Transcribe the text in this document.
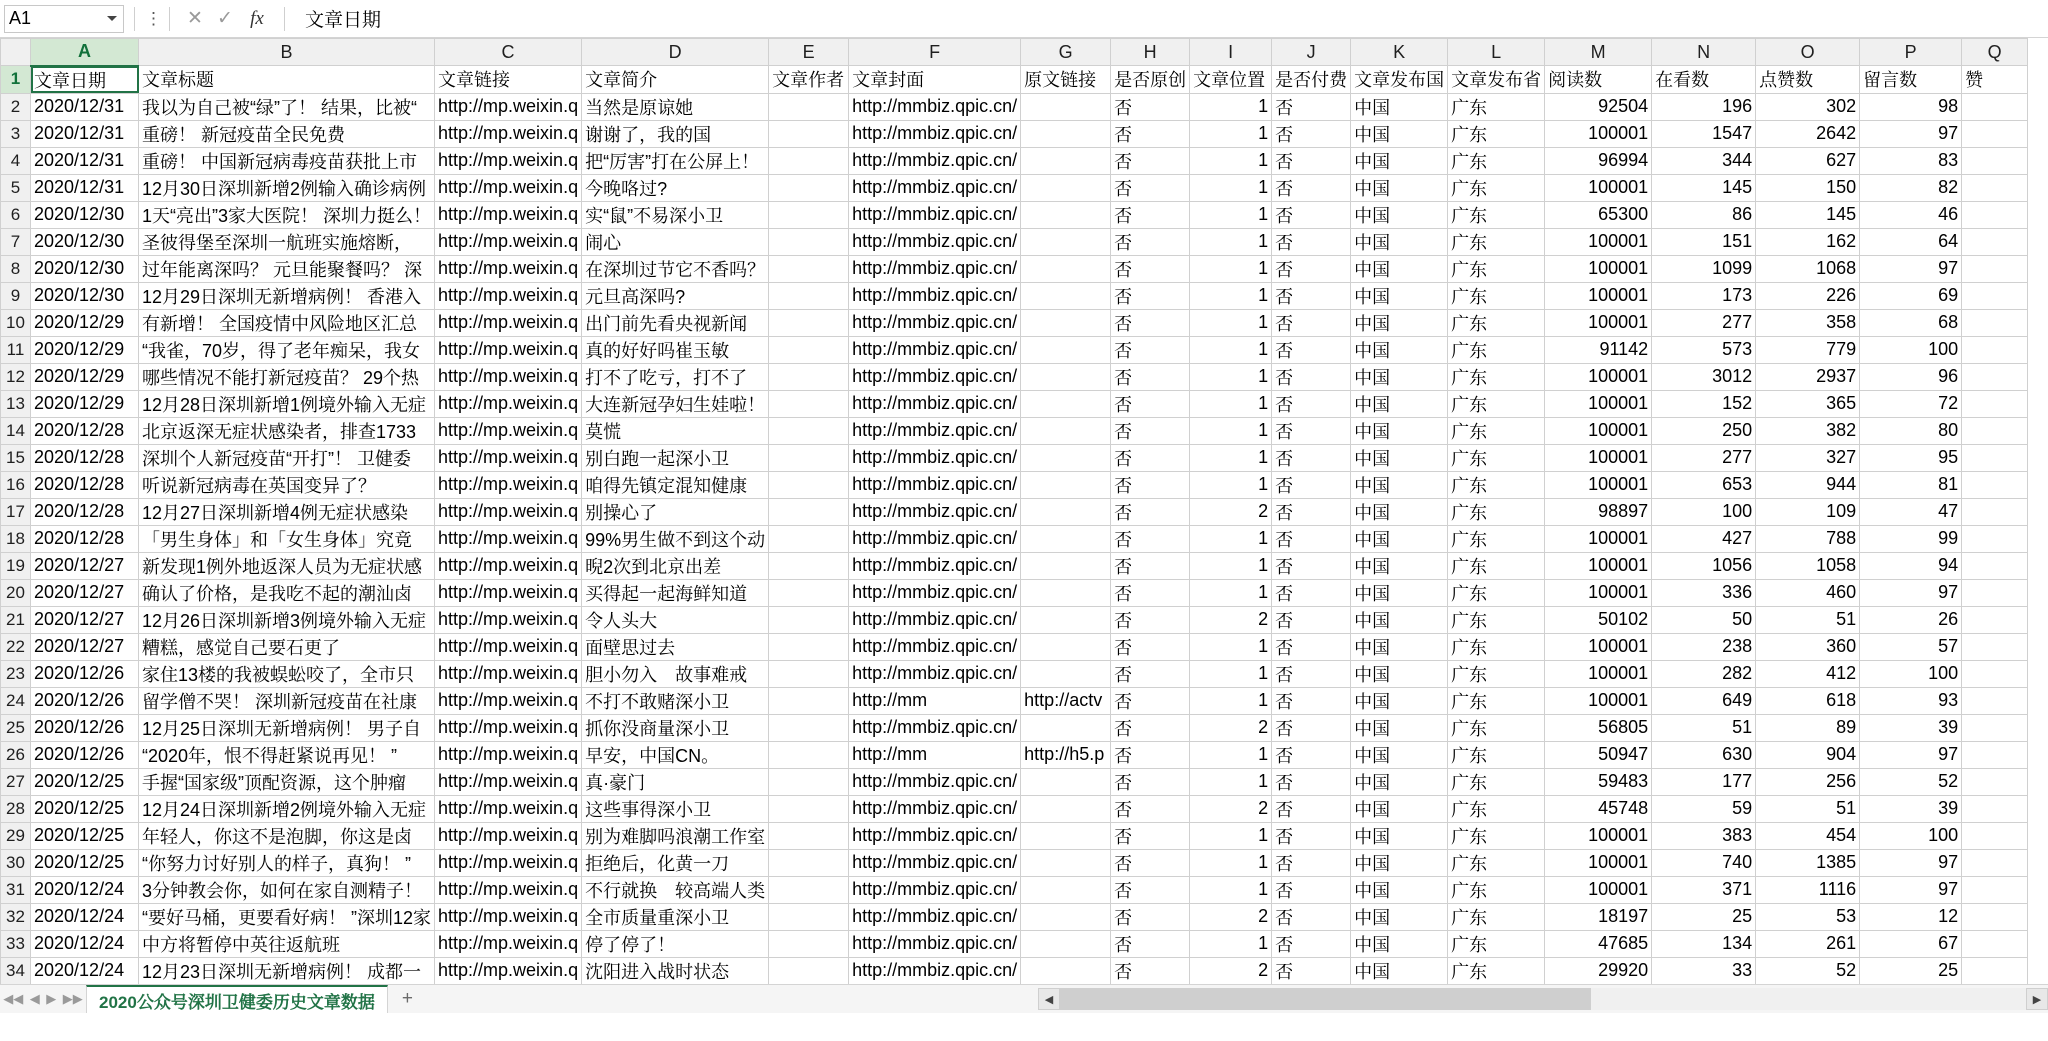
A1	⋮	✕ ✓ fx	文章日期
	A	B	C	D	E	F	G	H	I	J	K	L	M	N	O	P	Q
1	文章日期	文章标题	文章链接	文章简介	文章作者	文章封面	原文链接	是否原创	文章位置	是否付费	文章发布国	文章发布省	阅读数	在看数	点赞数	留言数	赞
2	2020/12/31	我以为自己被“绿”了！ 结果，比被“	http://mp.weixin.q	当然是原谅她		http://mmbiz.qpic.cn/		否	1	否	中国	广东	92504	196	302	98	
3	2020/12/31	重磅！ 新冠疫苗全民免费	http://mp.weixin.q	谢谢了，我的国		http://mmbiz.qpic.cn/		否	1	否	中国	广东	100001	1547	2642	97	
4	2020/12/31	重磅！ 中国新冠病毒疫苗获批上市	http://mp.weixin.q	把“厉害”打在公屏上！		http://mmbiz.qpic.cn/		否	1	否	中国	广东	96994	344	627	83	
5	2020/12/31	12月30日深圳新增2例输入确诊病例	http://mp.weixin.q	今晚咯过?		http://mmbiz.qpic.cn/		否	1	否	中国	广东	100001	145	150	82	
6	2020/12/30	1天“亮出”3家大医院！ 深圳力挺么！	http://mp.weixin.q	实“鼠”不易深小卫		http://mmbiz.qpic.cn/		否	1	否	中国	广东	65300	86	145	46	
7	2020/12/30	圣彼得堡至深圳一航班实施熔断，	http://mp.weixin.q	闹心		http://mmbiz.qpic.cn/		否	1	否	中国	广东	100001	151	162	64	
8	2020/12/30	过年能离深吗？ 元旦能聚餐吗？ 深	http://mp.weixin.q	在深圳过节它不香吗？		http://mmbiz.qpic.cn/		否	1	否	中国	广东	100001	1099	1068	97	
9	2020/12/30	12月29日深圳无新增病例！ 香港入	http://mp.weixin.q	元旦高深吗?		http://mmbiz.qpic.cn/		否	1	否	中国	广东	100001	173	226	69	
10	2020/12/29	有新增！ 全国疫情中风险地区汇总	http://mp.weixin.q	出门前先看央视新闻		http://mmbiz.qpic.cn/		否	1	否	中国	广东	100001	277	358	68	
11	2020/12/29	“我雀，70岁，得了老年痴呆，我女	http://mp.weixin.q	真的好好吗崔玉敏		http://mmbiz.qpic.cn/		否	1	否	中国	广东	91142	573	779	100	
12	2020/12/29	哪些情况不能打新冠疫苗？ 29个热	http://mp.weixin.q	打不了吃亏，打不了		http://mmbiz.qpic.cn/		否	1	否	中国	广东	100001	3012	2937	96	
13	2020/12/29	12月28日深圳新增1例境外输入无症	http://mp.weixin.q	大连新冠孕妇生娃啦！		http://mmbiz.qpic.cn/		否	1	否	中国	广东	100001	152	365	72	
14	2020/12/28	北京返深无症状感染者，排查1733	http://mp.weixin.q	莫慌		http://mmbiz.qpic.cn/		否	1	否	中国	广东	100001	250	382	80	
15	2020/12/28	深圳个人新冠疫苗“开打”！ 卫健委	http://mp.weixin.q	别白跑一起深小卫		http://mmbiz.qpic.cn/		否	1	否	中国	广东	100001	277	327	95	
16	2020/12/28	听说新冠病毒在英国变异了？	http://mp.weixin.q	咱得先镇定混知健康		http://mmbiz.qpic.cn/		否	1	否	中国	广东	100001	653	944	81	
17	2020/12/28	12月27日深圳新增4例无症状感染	http://mp.weixin.q	别操心了		http://mmbiz.qpic.cn/		否	2	否	中国	广东	98897	100	109	47	
18	2020/12/28	「男生身体」和「女生身体」究竟	http://mp.weixin.q	99%男生做不到这个动		http://mmbiz.qpic.cn/		否	1	否	中国	广东	100001	427	788	99	
19	2020/12/27	新发现1例外地返深人员为无症状感	http://mp.weixin.q	晲2次到北京出差		http://mmbiz.qpic.cn/		否	1	否	中国	广东	100001	1056	1058	94	
20	2020/12/27	确认了价格，是我吃不起的潮汕卤	http://mp.weixin.q	买得起一起海鲜知道		http://mmbiz.qpic.cn/		否	1	否	中国	广东	100001	336	460	97	
21	2020/12/27	12月26日深圳新增3例境外输入无症	http://mp.weixin.q	令人头大		http://mmbiz.qpic.cn/		否	2	否	中国	广东	50102	50	51	26	
22	2020/12/27	糟糕，感觉自己要石更了	http://mp.weixin.q	面壁思过去		http://mmbiz.qpic.cn/		否	1	否	中国	广东	100001	238	360	57	
23	2020/12/26	家住13楼的我被蜈蚣咬了，全市只	http://mp.weixin.q	胆小勿入　故事难戒		http://mmbiz.qpic.cn/		否	1	否	中国	广东	100001	282	412	100	
24	2020/12/26	留学僧不哭！ 深圳新冠疫苗在社康	http://mp.weixin.q	不打不敢赌深小卫		http://mm	http://actv	否	1	否	中国	广东	100001	649	618	93	
25	2020/12/26	12月25日深圳无新增病例！ 男子自	http://mp.weixin.q	抓你没商量深小卫		http://mmbiz.qpic.cn/		否	2	否	中国	广东	56805	51	89	39	
26	2020/12/26	“2020年，恨不得赶紧说再见！ ”	http://mp.weixin.q	早安，中国CN。		http://mm	http://h5.p	否	1	否	中国	广东	50947	630	904	97	
27	2020/12/25	手握“国家级”顶配资源，这个肿瘤	http://mp.weixin.q	真·豪门		http://mmbiz.qpic.cn/		否	1	否	中国	广东	59483	177	256	52	
28	2020/12/25	12月24日深圳新增2例境外输入无症	http://mp.weixin.q	这些事得深小卫		http://mmbiz.qpic.cn/		否	2	否	中国	广东	45748	59	51	39	
29	2020/12/25	年轻人，你这不是泡脚，你这是卤	http://mp.weixin.q	别为难脚吗浪潮工作室		http://mmbiz.qpic.cn/		否	1	否	中国	广东	100001	383	454	100	
30	2020/12/25	“你努力讨好别人的样子，真狗！ ”	http://mp.weixin.q	拒绝后，化黄一刀		http://mmbiz.qpic.cn/		否	1	否	中国	广东	100001	740	1385	97	
31	2020/12/24	3分钟教会你，如何在家自测精子！	http://mp.weixin.q	不行就换　较高端人类		http://mmbiz.qpic.cn/		否	1	否	中国	广东	100001	371	1116	97	
32	2020/12/24	“要好马桶，更要看好病！ ”深圳12家	http://mp.weixin.q	全市质量重深小卫		http://mmbiz.qpic.cn/		否	2	否	中国	广东	18197	25	53	12	
33	2020/12/24	中方将暂停中英往返航班	http://mp.weixin.q	停了停了！		http://mmbiz.qpic.cn/		否	1	否	中国	广东	47685	134	261	67	
34	2020/12/24	12月23日深圳无新增病例！ 成都一	http://mp.weixin.q	沈阳进入战时状态		http://mmbiz.qpic.cn/		否	2	否	中国	广东	29920	33	52	25	
◀◀ ◀ ▶ ▶▶ 2020公众号深圳卫健委历史文章数据	+	◀	▶
